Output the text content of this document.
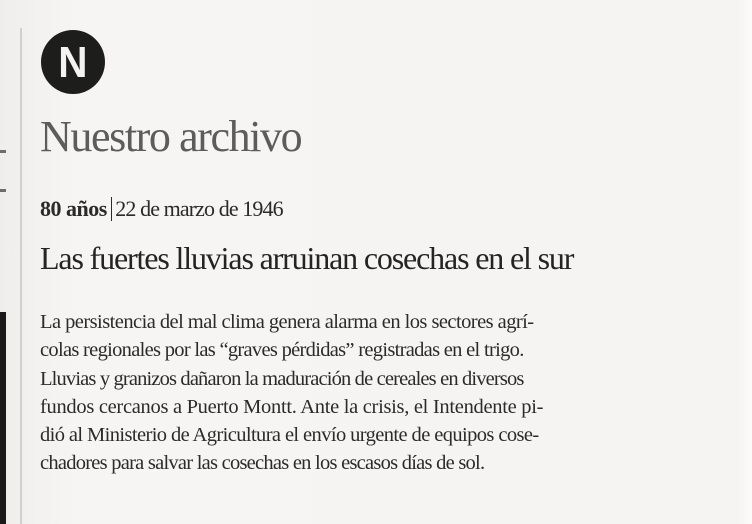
N
Nuestro archivo
80 años 22 de marzo de 1946
Las fuertes lluvias arruinan cosechas en el sur
La persistencia del mal clima genera alarma en los sectores agrí-
colas regionales por las “graves pérdidas” registradas en el trigo.
Lluvias y granizos dañaron la maduración de cereales en diversos
fundos cercanos a Puerto Montt. Ante la crisis, el Intendente pi-
dió al Ministerio de Agricultura el envío urgente de equipos cose-
chadores para salvar las cosechas en los escasos días de sol.
